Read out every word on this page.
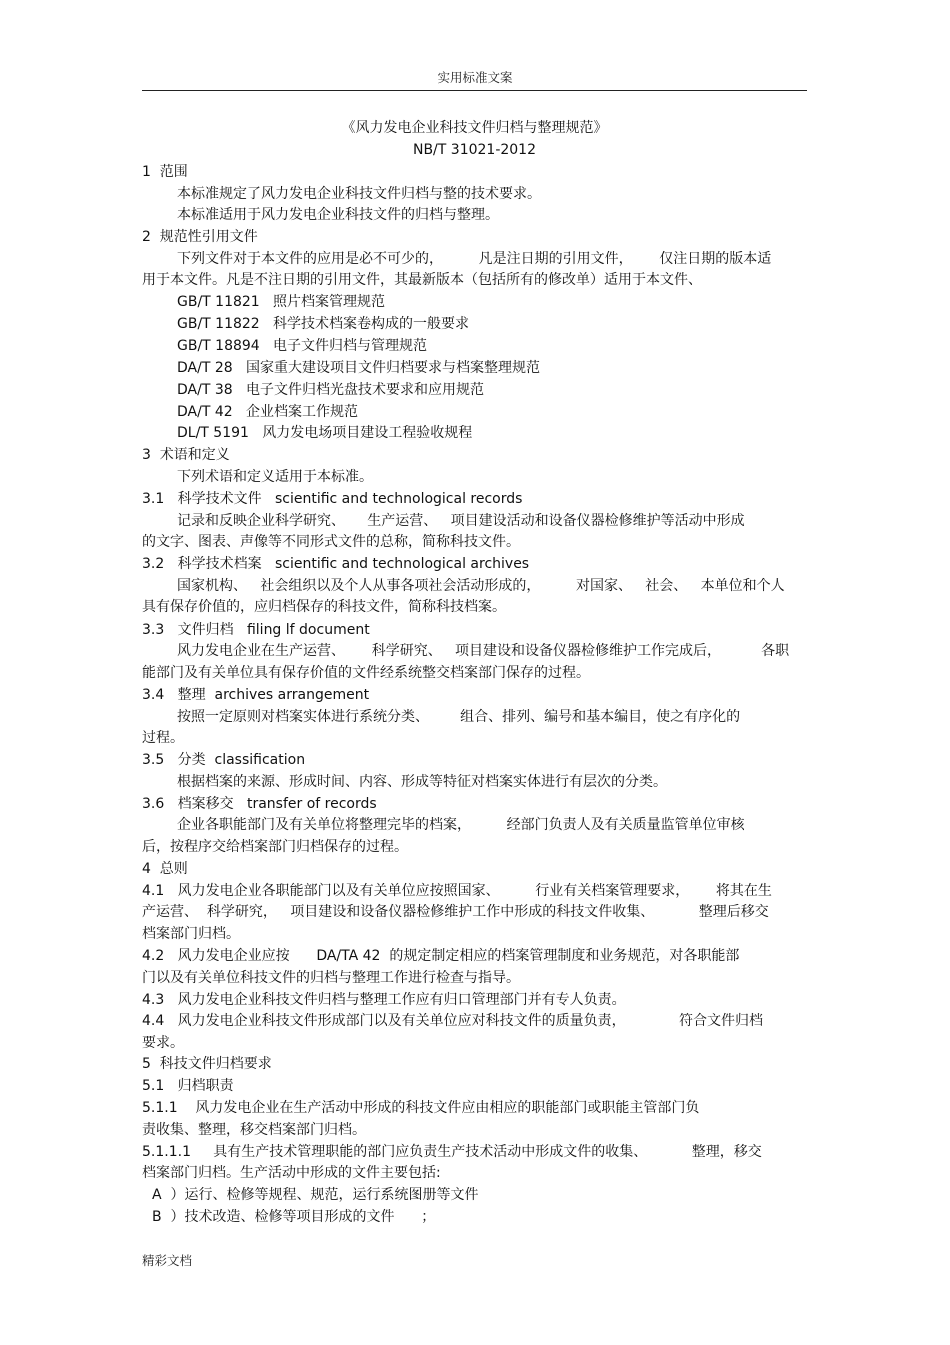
实用标准文案
《风力发电企业科技文件归档与整理规范》
NB/T 31021-2012
1  范围
本标准规定了风力发电企业科技文件归档与整的技术要求。
本标准适用于风力发电企业科技文件的归档与整理。
2  规范性引用文件
下列文件对于本文件的应用是必不可少的，        凡是注日期的引用文件，      仅注日期的版本适
用于本文件。凡是不注日期的引用文件，其最新版本（包括所有的修改单）适用于本文件、
GB/T 11821   照片档案管理规范
GB/T 11822   科学技术档案卷构成的一般要求
GB/T 18894   电子文件归档与管理规范
DA/T 28   国家重大建设项目文件归档要求与档案整理规范
DA/T 38   电子文件归档光盘技术要求和应用规范
DA/T 42   企业档案工作规范
DL/T 5191   风力发电场项目建设工程验收规程
3  术语和定义
下列术语和定义适用于本标准。
3.1   科学技术文件   scientific and technological records
记录和反映企业科学研究、     生产运营、   项目建设活动和设备仪器检修维护等活动中形成
的文字、图表、声像等不同形式文件的总称，简称科技文件。
3.2   科学技术档案   scientific and technological archives
国家机构、   社会组织以及个人从事各项社会活动形成的，        对国家、   社会、   本单位和个人
具有保存价值的，应归档保存的科技文件，简称科技档案。
3.3   文件归档   filing lf document
风力发电企业在生产运营、      科学研究、   项目建设和设备仪器检修维护工作完成后，         各职
能部门及有关单位具有保存价值的文件经系统整交档案部门保存的过程。
3.4   整理  archives arrangement
按照一定原则对档案实体进行系统分类、       组合、排列、编号和基本编目，使之有序化的
过程。
3.5   分类  classification
根据档案的来源、形成时间、内容、形成等特征对档案实体进行有层次的分类。
3.6   档案移交   transfer of records
企业各职能部门及有关单位将整理完毕的档案，        经部门负责人及有关质量监管单位审核
后，按程序交给档案部门归档保存的过程。
4  总则
4.1   风力发电企业各职能部门以及有关单位应按照国家、        行业有关档案管理要求，      将其在生
产运营、  科学研究，   项目建设和设备仪器检修维护工作中形成的科技文件收集、          整理后移交
档案部门归档。
4.2   风力发电企业应按      DA/TA 42  的规定制定相应的档案管理制度和业务规范，对各职能部
门以及有关单位科技文件的归档与整理工作进行检查与指导。
4.3   风力发电企业科技文件归档与整理工作应有归口管理部门并有专人负责。
4.4   风力发电企业科技文件形成部门以及有关单位应对科技文件的质量负责，            符合文件归档
要求。
5  科技文件归档要求
5.1   归档职责
5.1.1    风力发电企业在生产活动中形成的科技文件应由相应的职能部门或职能主管部门负
责收集、整理，移交档案部门归档。
5.1.1.1     具有生产技术管理职能的部门应负责生产技术活动中形成文件的收集、          整理，移交
档案部门归档。生产活动中形成的文件主要包括:
A  ）运行、检修等规程、规范，运行系统图册等文件
B  ）技术改造、检修等项目形成的文件      ；
精彩文档
